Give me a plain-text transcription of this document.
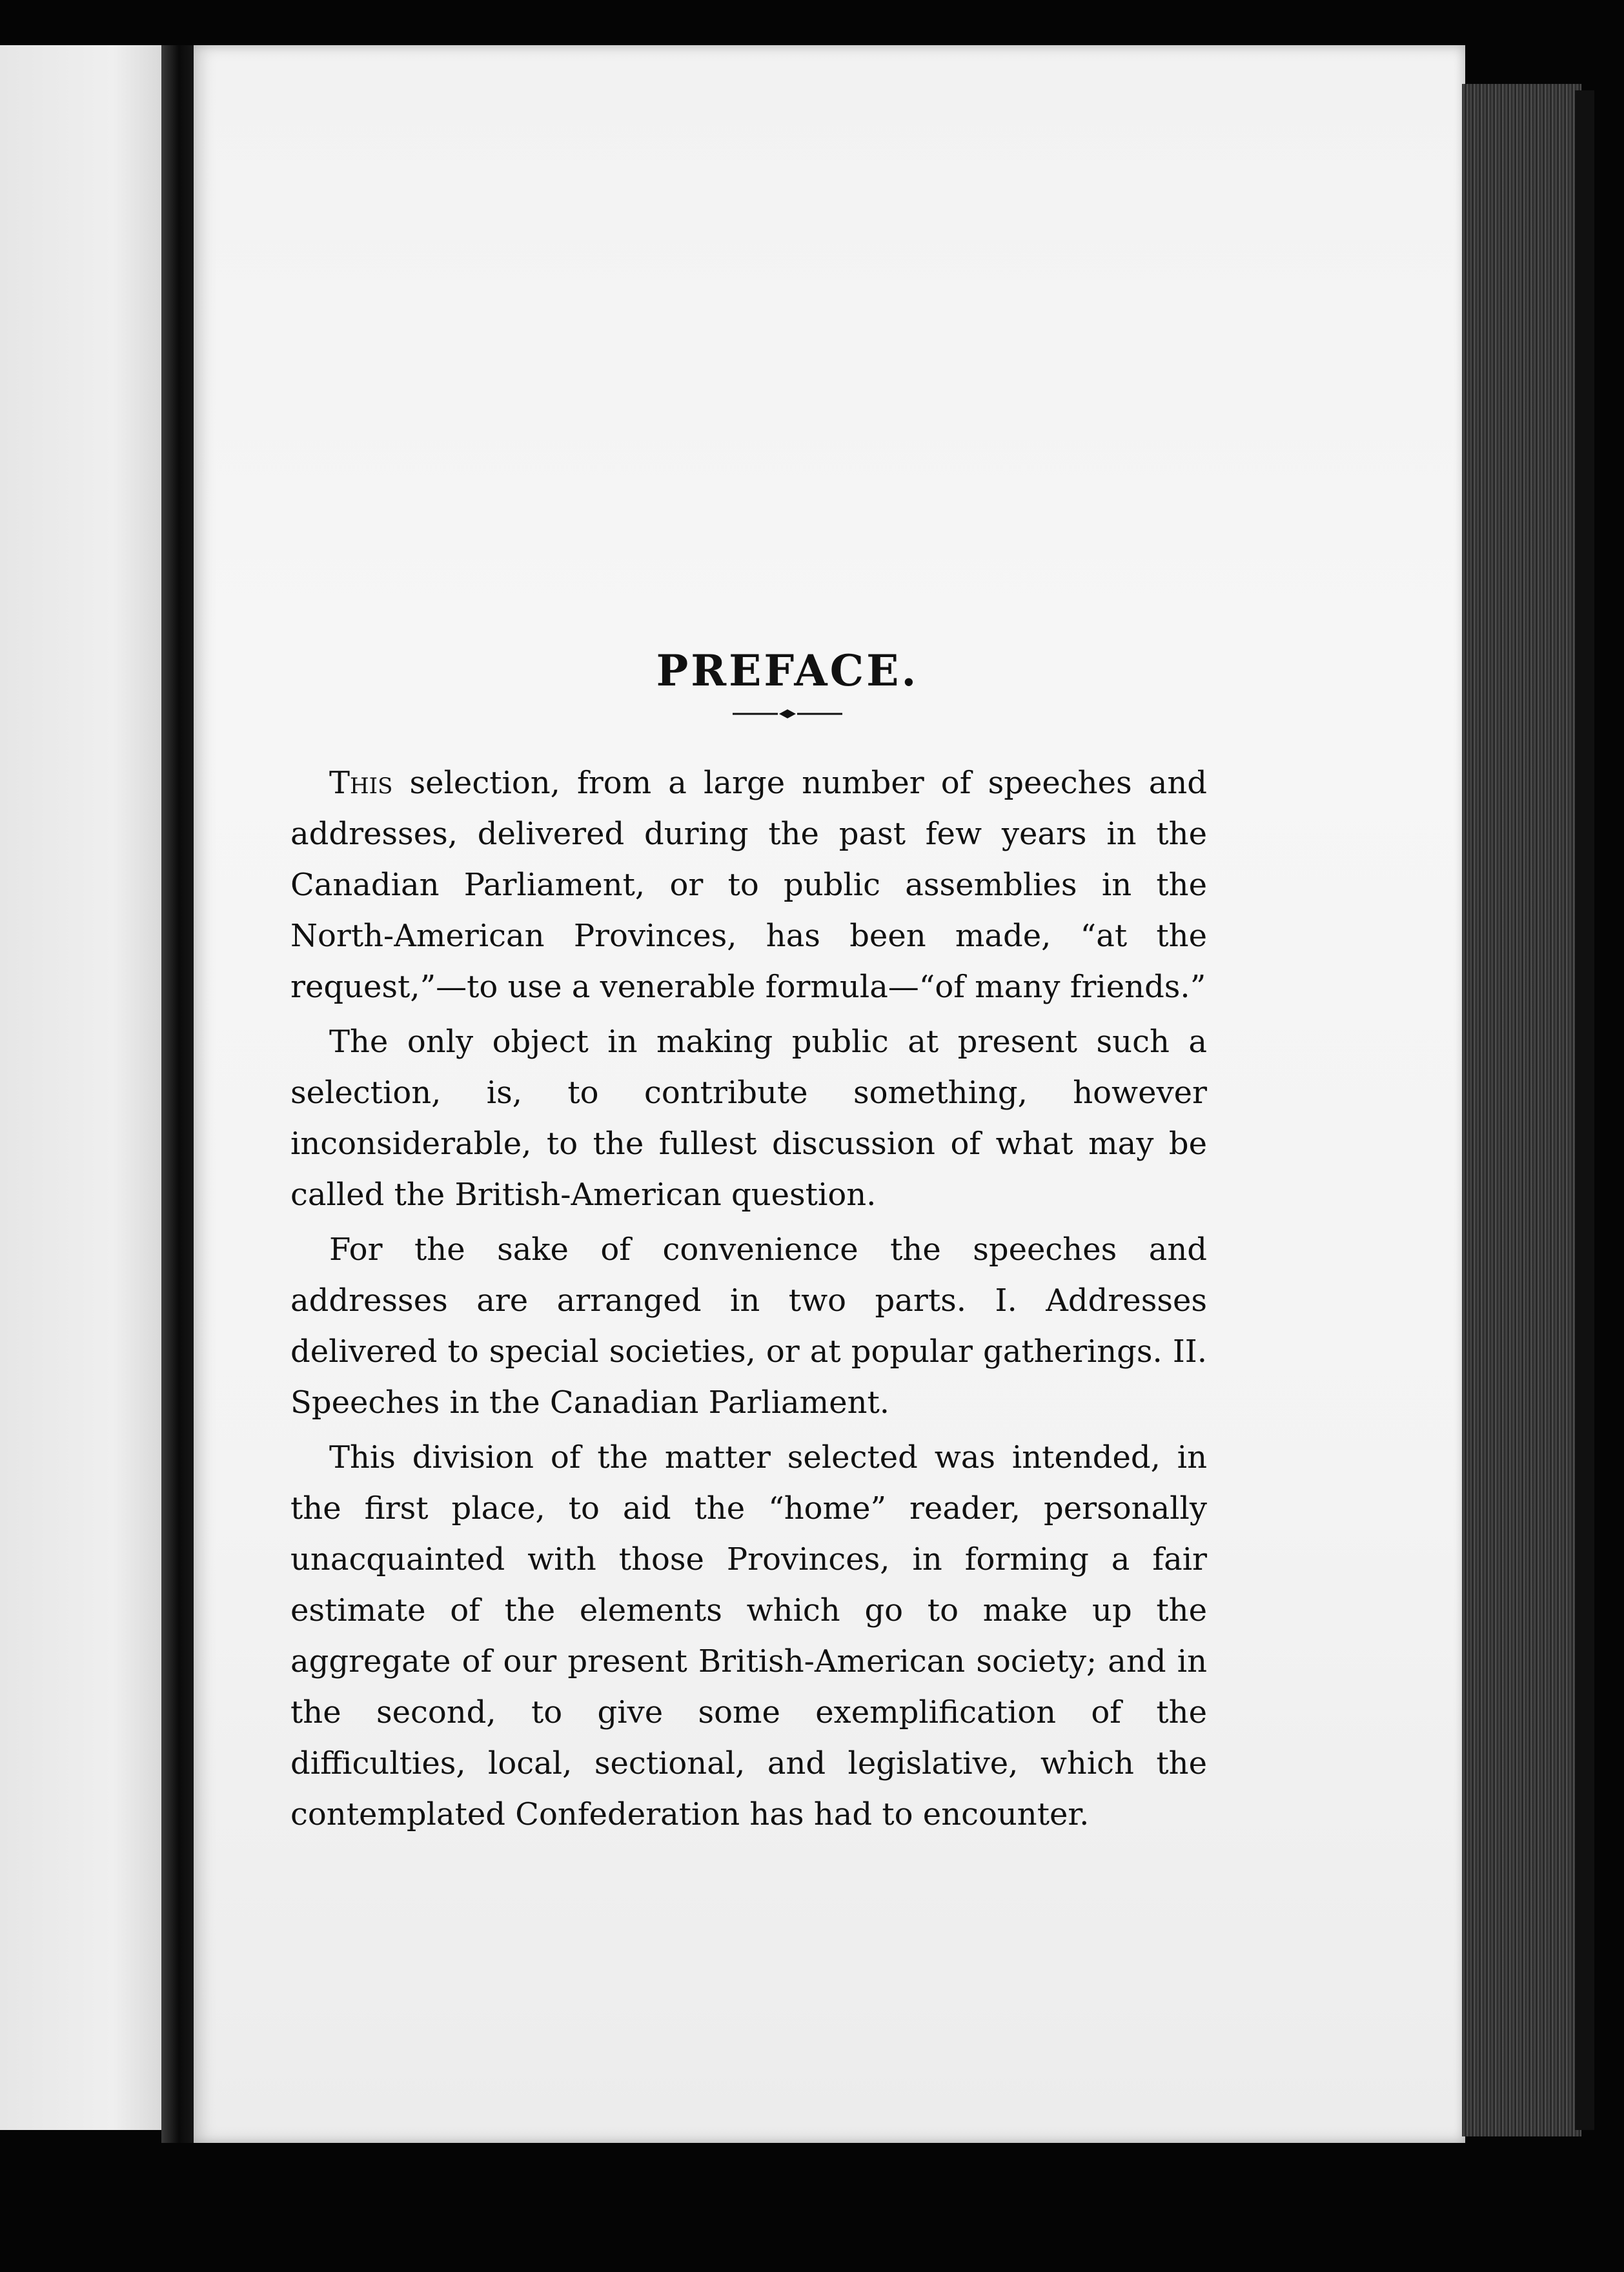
PREFACE.

This selection, from a large number of speeches and addresses, delivered during the past few years in the Canadian Parliament, or to public assemblies in the North-American Provinces, has been made, “at the request,”—to use a venerable formula—“of many friends.”

The only object in making public at present such a selection, is, to contribute something, however inconsiderable, to the fullest discussion of what may be called the British-American question.

For the sake of convenience the speeches and addresses are arranged in two parts. I. Addresses delivered to special societies, or at popular gatherings. II. Speeches in the Canadian Parliament.

This division of the matter selected was intended, in the first place, to aid the “home” reader, personally unacquainted with those Provinces, in forming a fair estimate of the elements which go to make up the aggregate of our present British-American society; and in the second, to give some exemplification of the difficulties, local, sectional, and legislative, which the contemplated Confederation has had to encounter.
